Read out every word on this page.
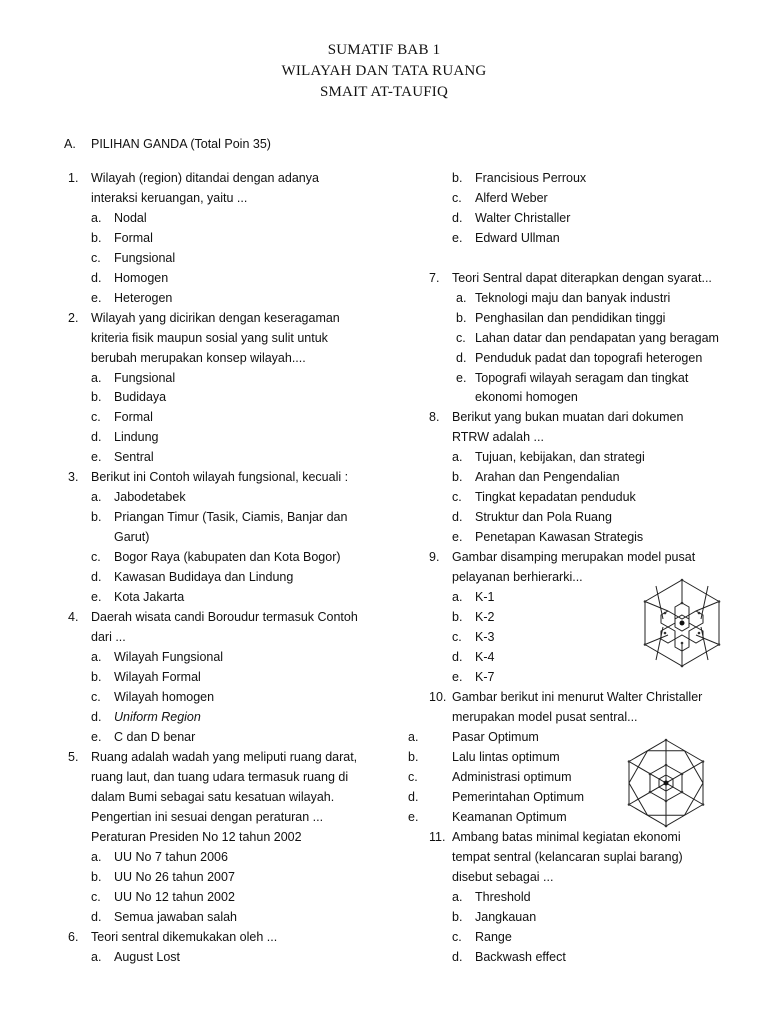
SUMATIF BAB 1
WILAYAH DAN TATA RUANG
SMAIT AT-TAUFIQ
A. PILIHAN GANDA (Total Poin 35)
1. Wilayah (region) ditandai dengan adanya
interaksi keruangan, yaitu ...
a. Nodal
b. Formal
c. Fungsional
d. Homogen
e. Heterogen
2. Wilayah yang dicirikan dengan keseragaman
kriteria fisik maupun sosial yang sulit untuk
berubah merupakan konsep wilayah....
a. Fungsional
b. Budidaya
c. Formal
d. Lindung
e. Sentral
3. Berikut ini Contoh wilayah fungsional, kecuali :
a. Jabodetabek
b. Priangan Timur (Tasik, Ciamis, Banjar dan
Garut)
c. Bogor Raya (kabupaten dan Kota Bogor)
d. Kawasan Budidaya dan Lindung
e. Kota Jakarta
4. Daerah wisata candi Boroudur termasuk Contoh
dari ...
a. Wilayah Fungsional
b. Wilayah Formal
c. Wilayah homogen
d. Uniform Region
e. C dan D benar
5. Ruang adalah wadah yang meliputi ruang darat,
ruang laut, dan tuang udara termasuk ruang di
dalam Bumi sebagai satu kesatuan wilayah.
Pengertian ini sesuai dengan peraturan ...
Peraturan Presiden No 12 tahun 2002
a. UU No 7 tahun 2006
b. UU No 26 tahun 2007
c. UU No 12 tahun 2002
d. Semua jawaban salah
6. Teori sentral dikemukakan oleh ...
a. August Lost
b. Francisious Perroux
c. Alferd Weber
d. Walter Christaller
e. Edward Ullman
7. Teori Sentral dapat diterapkan dengan syarat...
a. Teknologi maju dan banyak industri
b. Penghasilan dan pendidikan tinggi
c. Lahan datar dan pendapatan yang beragam
d. Penduduk padat dan topografi heterogen
e. Topografi wilayah seragam dan tingkat
ekonomi homogen
8. Berikut yang bukan muatan dari dokumen
RTRW adalah ...
a. Tujuan, kebijakan, dan strategi
b. Arahan dan Pengendalian
c. Tingkat kepadatan penduduk
d. Struktur dan Pola Ruang
e. Penetapan Kawasan Strategis
9. Gambar disamping merupakan model pusat
pelayanan berhierarki...
a. K-1
b. K-2
c. K-3
d. K-4
e. K-7
10. Gambar berikut ini menurut Walter Christaller
merupakan model pusat sentral...
a.	Pasar Optimum
b.	Lalu lintas optimum
c.	Administrasi optimum
d.	Pemerintahan Optimum
e.	Keamanan Optimum
11. Ambang batas minimal kegiatan ekonomi
tempat sentral (kelancaran suplai barang)
disebut sebagai ...
a. Threshold
b. Jangkauan
c. Range
d. Backwash effect
